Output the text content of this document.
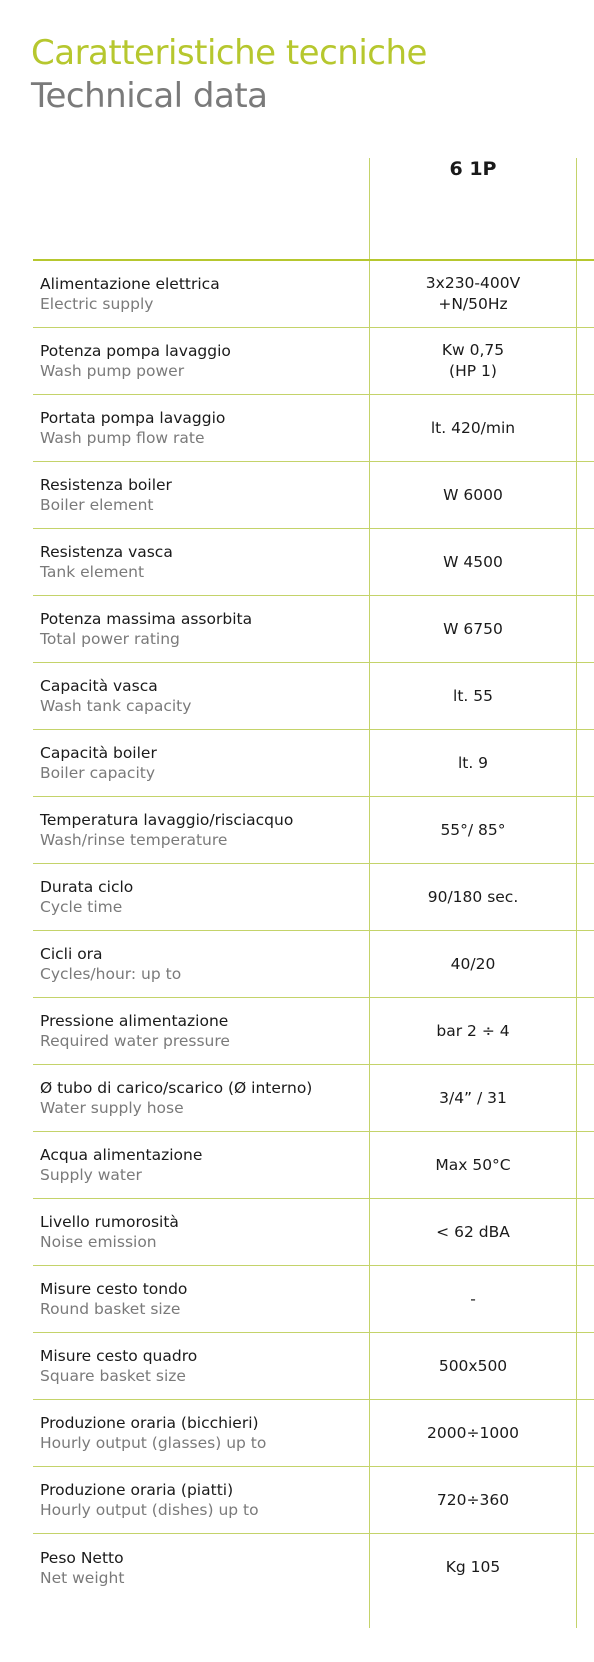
Caratteristiche tecniche
Technical data
6 1P
Alimentazione elettrica
Electric supply
3x230-400V
+N/50Hz
Potenza pompa lavaggio
Wash pump power
Kw 0,75
(HP 1)
Portata pompa lavaggio
Wash pump flow rate
lt. 420/min
Resistenza boiler
Boiler element
W 6000
Resistenza vasca
Tank element
W 4500
Potenza massima assorbita
Total power rating
W 6750
Capacità vasca
Wash tank capacity
lt. 55
Capacità boiler
Boiler capacity
lt. 9
Temperatura lavaggio/risciacquo
Wash/rinse temperature
55°/ 85°
Durata ciclo
Cycle time
90/180 sec.
Cicli ora
Cycles/hour: up to
40/20
Pressione alimentazione
Required water pressure
bar 2 ÷ 4
Ø tubo di carico/scarico (Ø interno)
Water supply hose
3/4” / 31
Acqua alimentazione
Supply water
Max 50°C
Livello rumorosità
Noise emission
< 62 dBA
Misure cesto tondo
Round basket size
-
Misure cesto quadro
Square basket size
500x500
Produzione oraria (bicchieri)
Hourly output (glasses) up to
2000÷1000
Produzione oraria (piatti)
Hourly output (dishes) up to
720÷360
Peso Netto
Net weight
Kg 105
